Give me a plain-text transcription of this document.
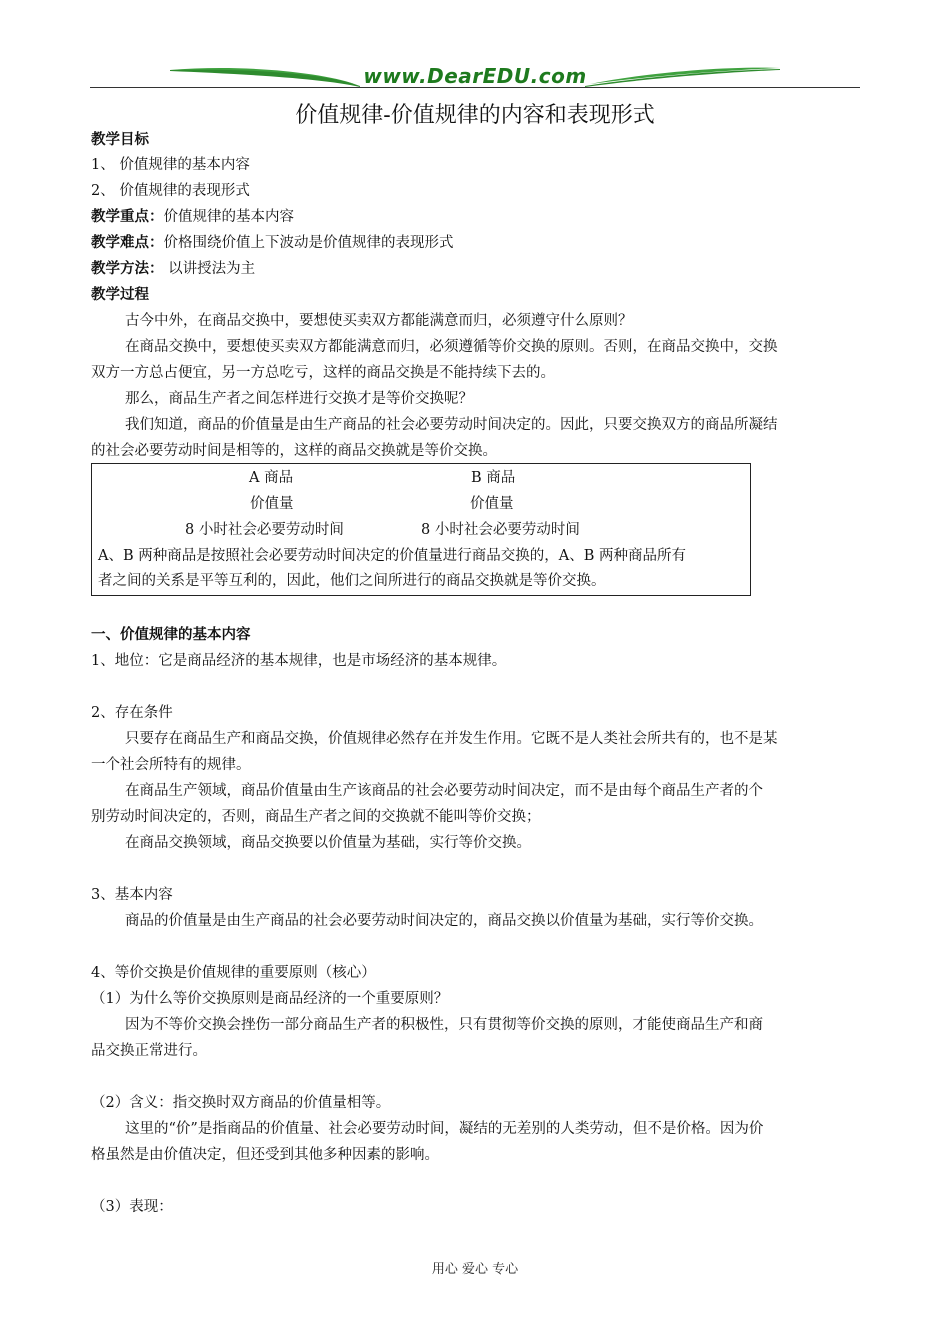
www.DearEDU.com
价值规律-价值规律的内容和表现形式
教学目标
1、 价值规律的基本内容
2、 价值规律的表现形式
教学重点：价值规律的基本内容
教学难点：价格围绕价值上下波动是价值规律的表现形式
教学方法： 以讲授法为主
教学过程
古今中外，在商品交换中，要想使买卖双方都能满意而归，必须遵守什么原则？
在商品交换中，要想使买卖双方都能满意而归，必须遵循等价交换的原则。否则，在商品交换中，交换
双方一方总占便宜，另一方总吃亏，这样的商品交换是不能持续下去的。
那么，商品生产者之间怎样进行交换才是等价交换呢？
我们知道，商品的价值量是由生产商品的社会必要劳动时间决定的。因此，只要交换双方的商品所凝结
的社会必要劳动时间是相等的，这样的商品交换就是等价交换。
A 商品	B 商品
价值量	价值量
8 小时社会必要劳动时间	8 小时社会必要劳动时间
A、B 两种商品是按照社会必要劳动时间决定的价值量进行商品交换的，A、B 两种商品所有
者之间的关系是平等互利的，因此，他们之间所进行的商品交换就是等价交换。
一、价值规律的基本内容
1、地位：它是商品经济的基本规律，也是市场经济的基本规律。
2、存在条件
只要存在商品生产和商品交换，价值规律必然存在并发生作用。它既不是人类社会所共有的，也不是某
一个社会所特有的规律。
在商品生产领域，商品价值量由生产该商品的社会必要劳动时间决定，而不是由每个商品生产者的个
别劳动时间决定的，否则，商品生产者之间的交换就不能叫等价交换；
在商品交换领域，商品交换要以价值量为基础，实行等价交换。
3、基本内容
商品的价值量是由生产商品的社会必要劳动时间决定的，商品交换以价值量为基础，实行等价交换。
4、等价交换是价值规律的重要原则（核心）
（1）为什么等价交换原则是商品经济的一个重要原则？
因为不等价交换会挫伤一部分商品生产者的积极性，只有贯彻等价交换的原则，才能使商品生产和商
品交换正常进行。
（2）含义：指交换时双方商品的价值量相等。
这里的“价”是指商品的价值量、社会必要劳动时间，凝结的无差别的人类劳动，但不是价格。因为价
格虽然是由价值决定，但还受到其他多种因素的影响。
（3）表现：
用心 爱心 专心
